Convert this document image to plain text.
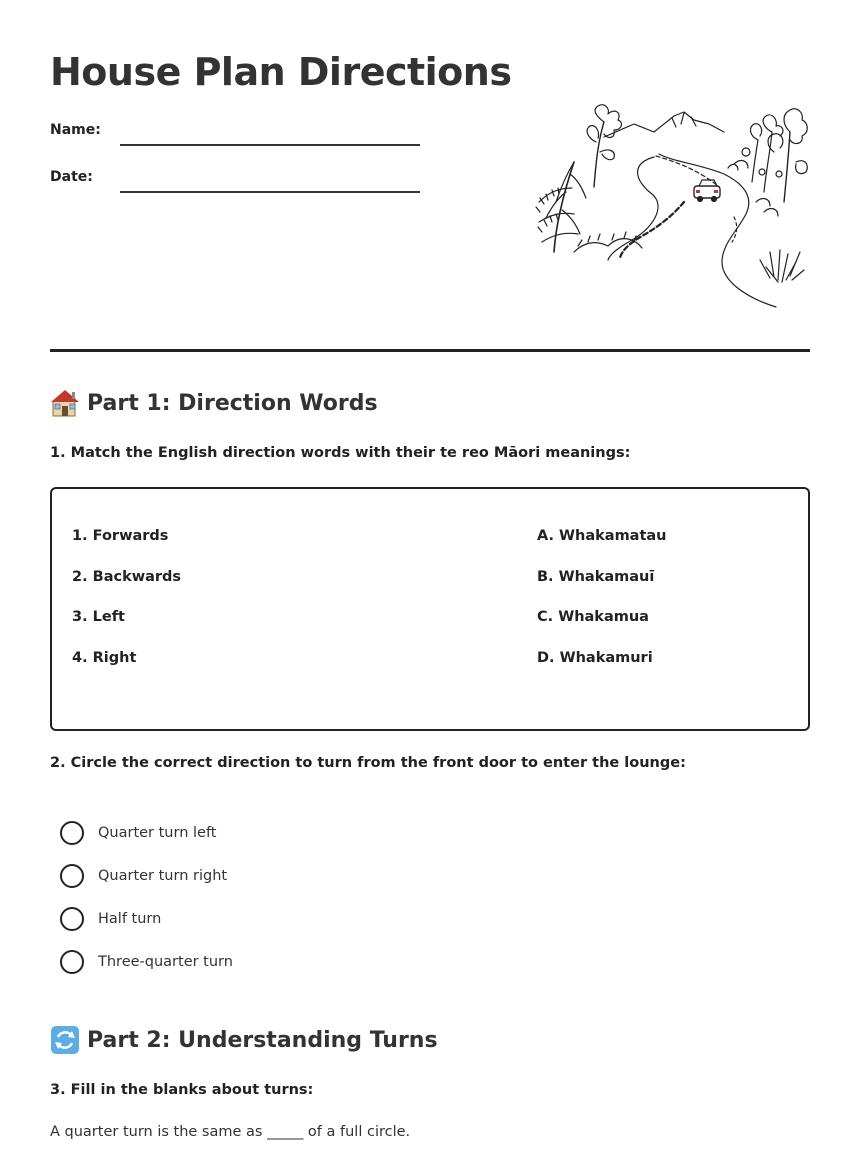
House Plan Directions
Name:
Date:
Part 1: Direction Words
1. Match the English direction words with their te reo Māori meanings:
1. Forwards
2. Backwards
3. Left
4. Right
A. Whakamatau
B. Whakamauī
C. Whakamua
D. Whakamuri
2. Circle the correct direction to turn from the front door to enter the lounge:
Quarter turn left
Quarter turn right
Half turn
Three-quarter turn
Part 2: Understanding Turns
3. Fill in the blanks about turns:
A quarter turn is the same as _____ of a full circle.
